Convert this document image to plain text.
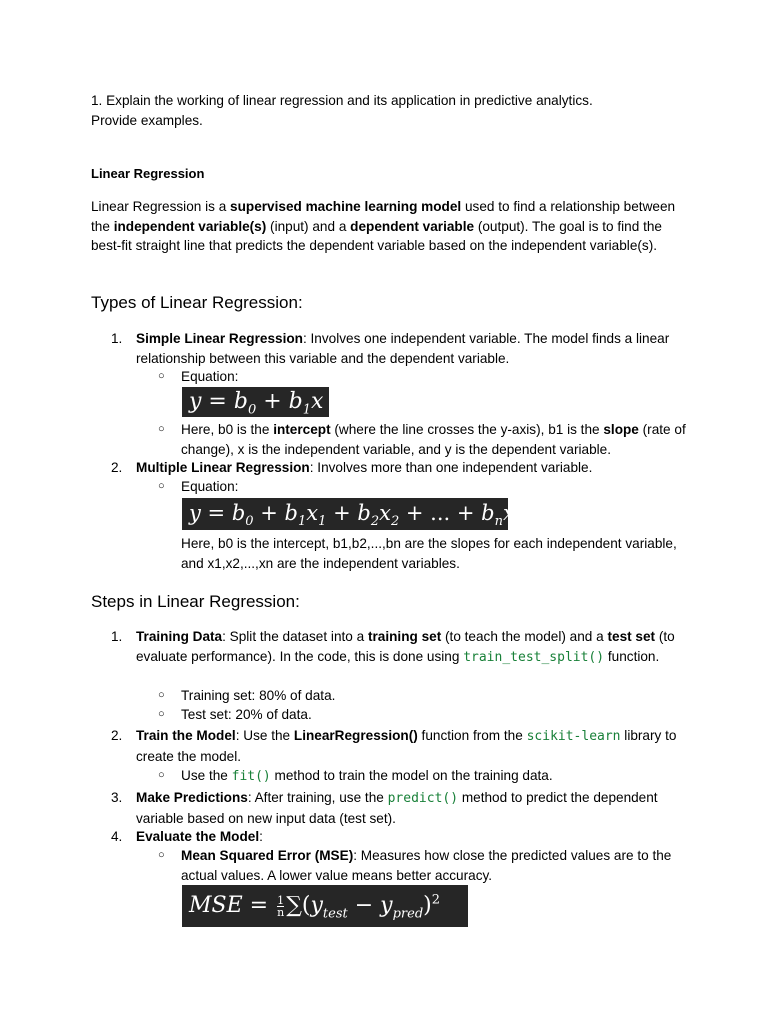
1. Explain the working of linear regression and its application in predictive analytics.
Provide examples.
Linear Regression

Linear Regression is a supervised machine learning model used to find a relationship between the independent variable(s) (input) and a dependent variable (output). The goal is to find the best-fit straight line that predicts the dependent variable based on the independent variable(s).

Types of Linear Regression:
1.	Simple Linear Regression: Involves one independent variable. The model finds a linear relationship between this variable and the dependent variable.
○ Equation:
$y = b_0 + b_1x$
○ Here, b0 is the intercept (where the line crosses the y-axis), b1 is the slope (rate of change), x is the independent variable, and y is the dependent variable.
2.	Multiple Linear Regression: Involves more than one independent variable.
○ Equation:
$y = b_0 + b_1x_1 + b_2x_2$ + ... + $b_nx_n$
Here, b0 is the intercept, b1,b2,...,bn are the slopes for each independent variable, and x1,x2,...,xn are the independent variables.
Steps in Linear Regression:
1.	Training Data: Split the dataset into a training set (to teach the model) and a test set (to evaluate performance). In the code, this is done using train_test_split() function.
○ Training set: 80% of data.
○ Test set: 20% of data.
2.	Train the Model: Use the LinearRegression() function from the scikit-learn library to create the model.
○ Use the fit() method to train the model on the training data.
3.	Make Predictions: After training, use the predict() method to predict the dependent variable based on new input data (test set).
4.	Evaluate the Model:
○ Mean Squared Error (MSE): Measures how close the predicted values are to the actual values. A lower value means better accuracy.
MSE = $\frac{1}{n} \sum(y_{test} - y_{pred})^2$
